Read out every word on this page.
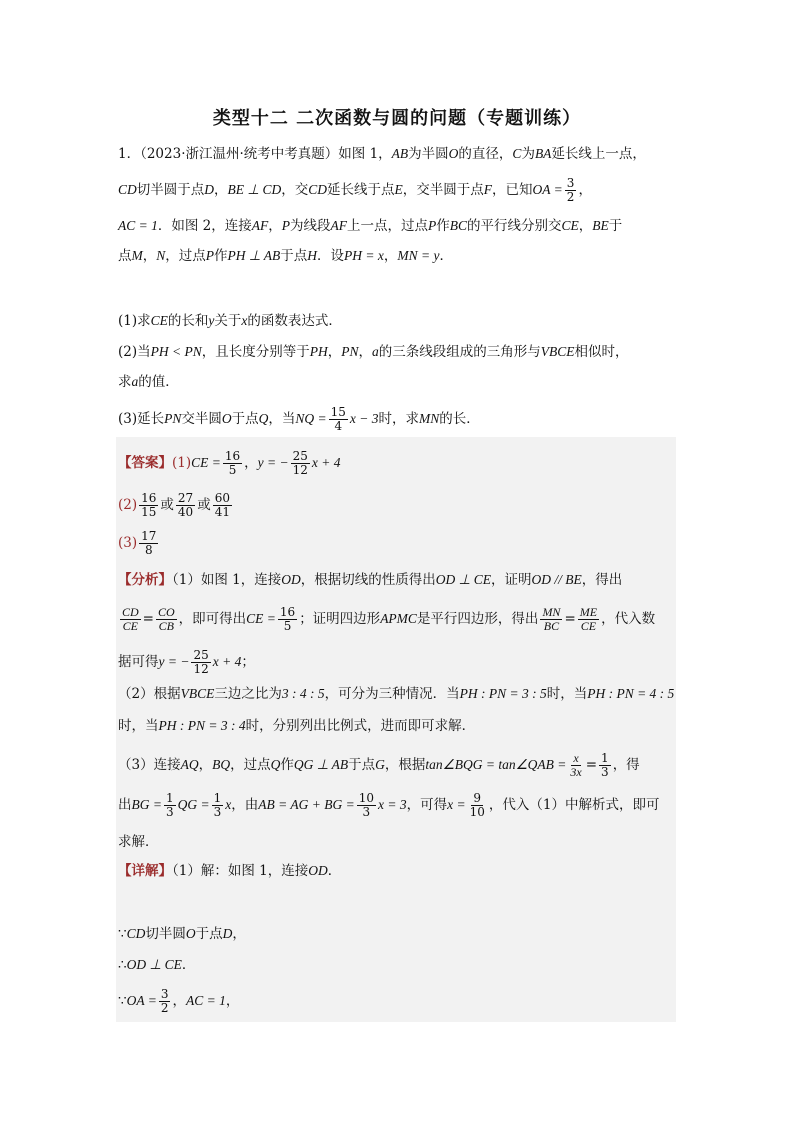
类型十二 二次函数与圆的问题（专题训练）
1．（2023·浙江温州·统考中考真题）如图 1，AB为半圆O的直径，C为BA延长线上一点，
CD切半圆于点D，BE ⊥ CD，交CD延长线于点E，交半圆于点F，已知OA = $\frac{3}{2}$ ，
AC = 1．如图 2，连接AF，P为线段AF上一点，过点P作BC的平行线分别交CE，BE于
点M，N，过点P作PH ⊥ AB于点H．设PH = x，MN = y．
(1)求CE的长和y关于x的函数表达式．
(2)当PH < PN，且长度分别等于PH，PN，a的三条线段组成的三角形与VBCE相似时，
求a的值．
(3)延长PN交半圆O于点Q，当NQ = $\frac{15}{4}$ x − 3时，求MN的长．
【答案】$(1)CE = \frac{16}{5}$ ，y = − $\frac{25}{12}$ x + 4
$(2) \frac{16}{15}$ 或 $\frac{27}{40}$ 或 $\frac{60}{41}$
$(3) \frac{17}{8}$
【分析】（1）如图 1，连接OD，根据切线的性质得出OD ⊥ CE，证明OD // BE，得出
$\frac{CD}{CE} = \frac{CO}{CB}$ ，即可得出CE = $\frac{16}{5}$ ；证明四边形APMC是平行四边形，得出 $\frac{MN}{BC} = \frac{ME}{CE}$ ，代入数
据可得y = − $\frac{25}{12}$ x + 4；
（2）根据VBCE三边之比为3 : 4 : 5，可分为三种情况．当PH : PN = 3 : 5时，当PH : PN = 4 : 5
时，当PH : PN = 3 : 4时，分别列出比例式，进而即可求解．
（3）连接AQ，BQ，过点Q作QG ⊥ AB于点G，根据tan∠BQG = tan∠QAB = $\frac{x}{3x} = \frac{1}{3}$ ，得
出BG = $\frac{1}{3}$ QG = $\frac{1}{3}$ x，由AB = AG + BG = $\frac{10}{3}$ x = 3，可得$x = \frac{9}{10}$ ，代入（1）中解析式，即可
求解．
【详解】（1）解：如图 1，连接OD．
∵CD切半圆O于点D，
∴OD ⊥ CE．
∵OA = $\frac{3}{2}$ ，AC = 1，
